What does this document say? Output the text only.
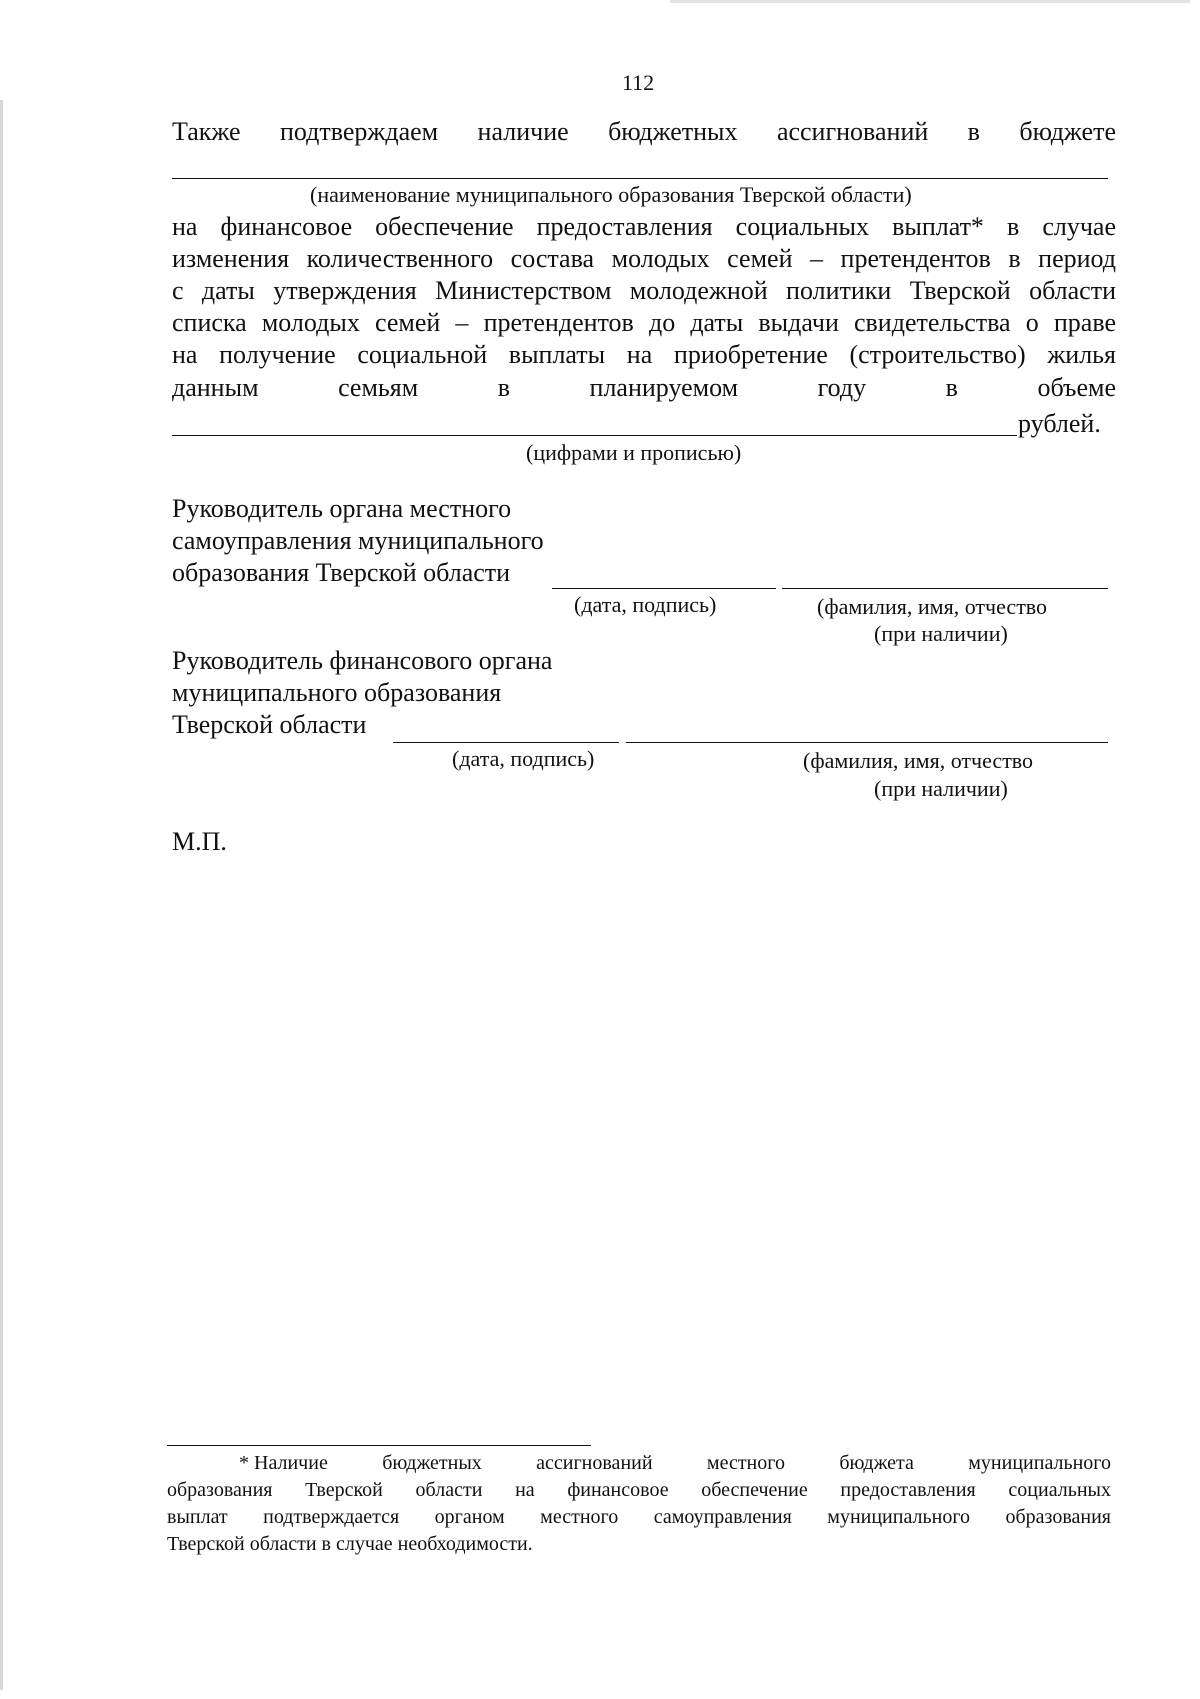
112
Также подтверждаем наличие бюджетных ассигнований в бюджете
(наименование муниципального образования Тверской области)
на финансовое обеспечение предоставления социальных выплат* в случае
изменения количественного состава молодых семей – претендентов в период
с даты утверждения Министерством молодежной политики Тверской области
списка молодых семей – претендентов до даты выдачи свидетельства о праве
на получение социальной выплаты на приобретение (строительство) жилья
данным	семьям	в	планируемом	году	в	объеме
рублей.
(цифрами и прописью)
Руководитель органа местного
самоуправления муниципального
образования Тверской области
(дата, подпись)	(фамилия, имя, отчество
(при наличии)
Руководитель финансового органа
муниципального образования
Тверской области
(дата, подпись)	(фамилия, имя, отчество
(при наличии)
М.П.
* Наличие	бюджетных	ассигнований	местного	бюджета	муниципального
образования Тверской области на финансовое обеспечение предоставления социальных
выплат подтверждается органом местного самоуправления муниципального образования
Тверской области в случае необходимости.
